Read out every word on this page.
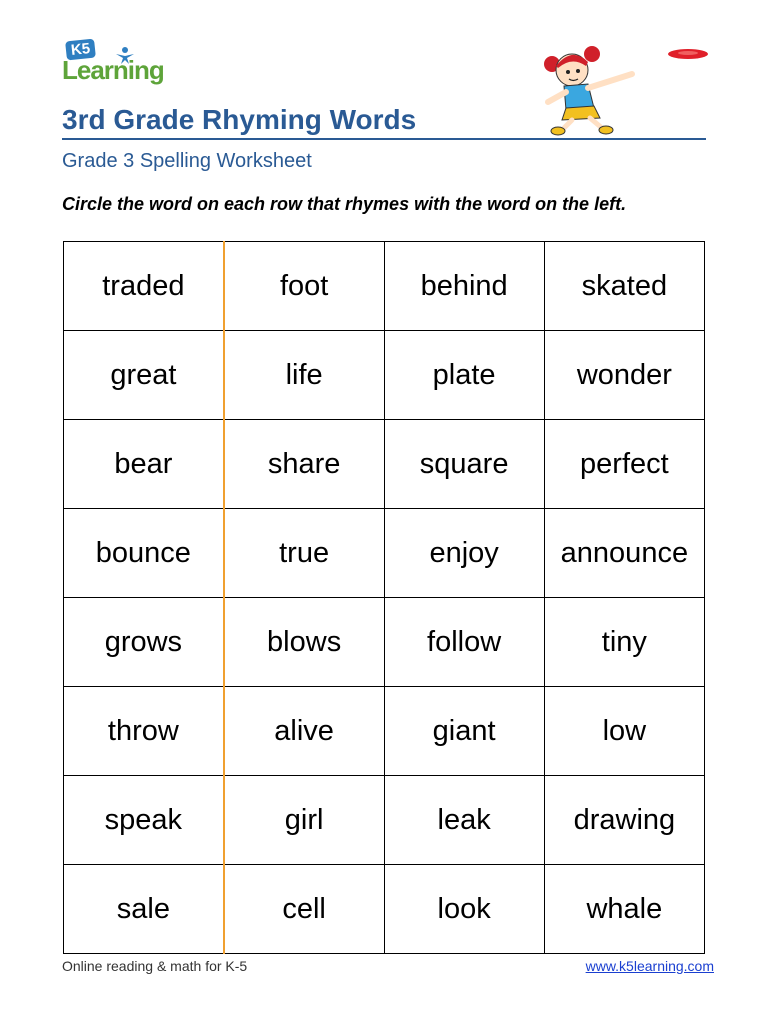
K5
Learning
3rd Grade Rhyming Words
Grade 3 Spelling Worksheet
Circle the word on each row that rhymes with the word on the left.
traded	foot	behind	skated
great	life	plate	wonder
bear	share	square	perfect
bounce	true	enjoy	announce
grows	blows	follow	tiny
throw	alive	giant	low
speak	girl	leak	drawing
sale	cell	look	whale
Online reading & math for K-5	www.k5learning.com
